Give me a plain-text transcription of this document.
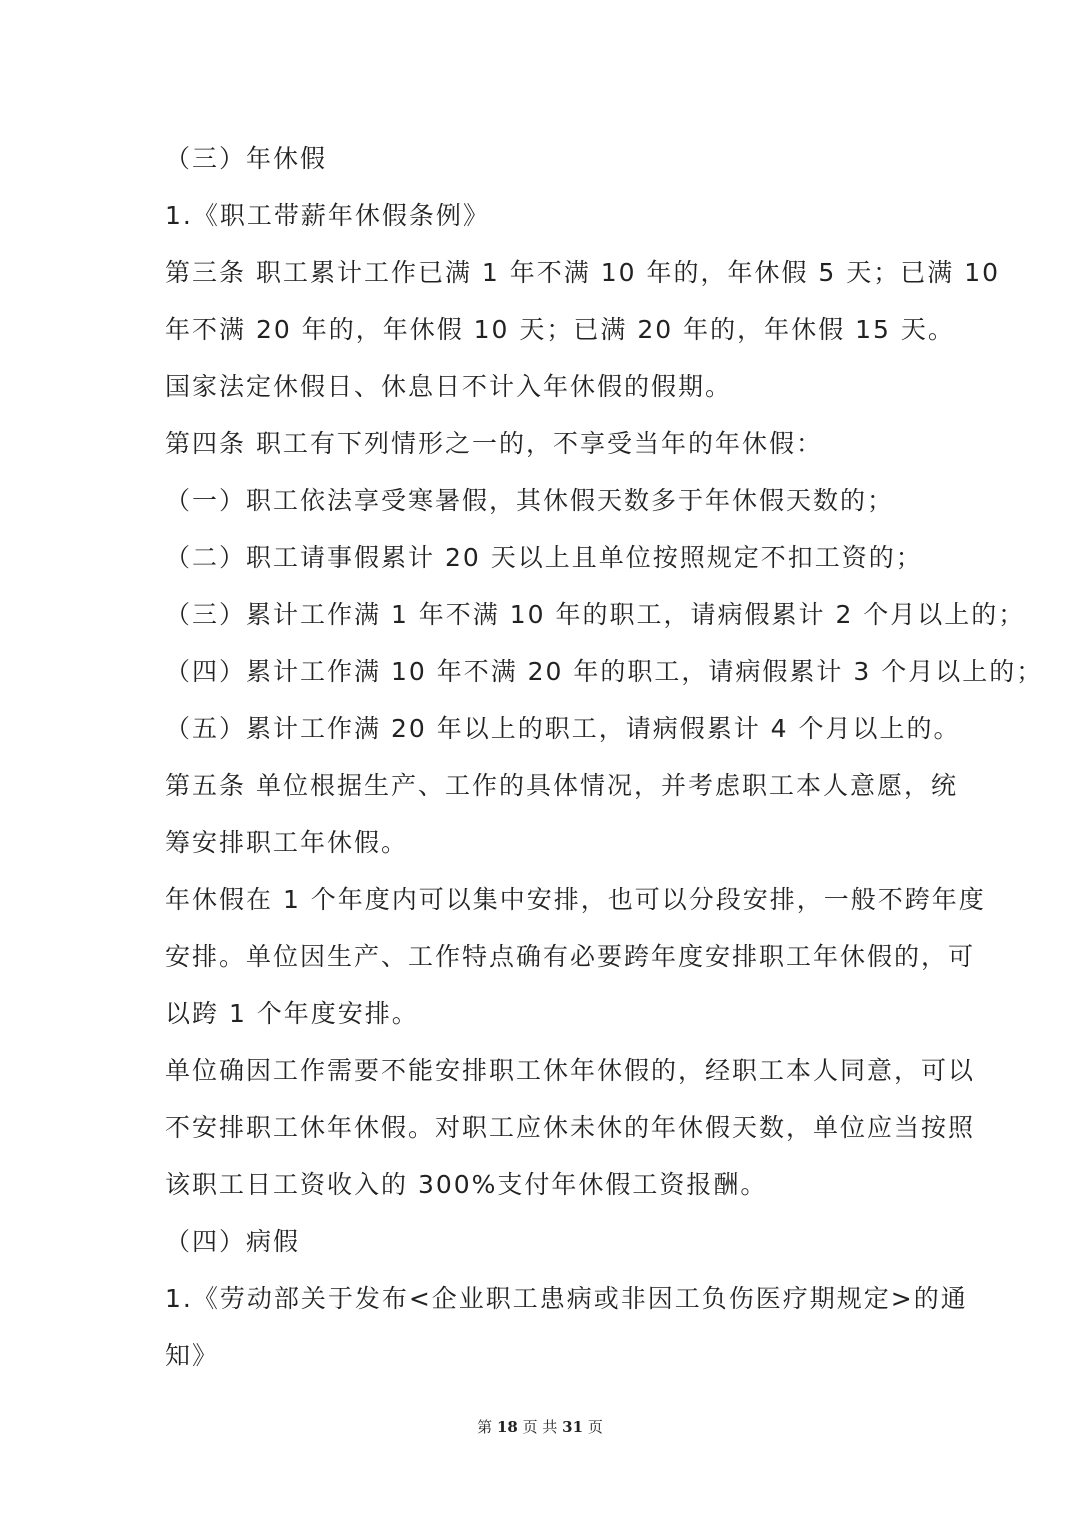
（三）年休假
1.《职工带薪年休假条例》
第三条 职工累计工作已满 1 年不满 10 年的，年休假 5 天；已满 10
年不满 20 年的，年休假 10 天；已满 20 年的，年休假 15 天。
国家法定休假日、休息日不计入年休假的假期。
第四条 职工有下列情形之一的，不享受当年的年休假：
（一）职工依法享受寒暑假，其休假天数多于年休假天数的；
（二）职工请事假累计 20 天以上且单位按照规定不扣工资的；
（三）累计工作满 1 年不满 10 年的职工，请病假累计 2 个月以上的；
（四）累计工作满 10 年不满 20 年的职工，请病假累计 3 个月以上的；
（五）累计工作满 20 年以上的职工，请病假累计 4 个月以上的。
第五条 单位根据生产、工作的具体情况，并考虑职工本人意愿，统
筹安排职工年休假。
年休假在 1 个年度内可以集中安排，也可以分段安排，一般不跨年度
安排。单位因生产、工作特点确有必要跨年度安排职工年休假的，可
以跨 1 个年度安排。
单位确因工作需要不能安排职工休年休假的，经职工本人同意，可以
不安排职工休年休假。对职工应休未休的年休假天数，单位应当按照
该职工日工资收入的 300%支付年休假工资报酬。
（四）病假
1.《劳动部关于发布<企业职工患病或非因工负伤医疗期规定>的通
知》
第 18 页 共 31 页
